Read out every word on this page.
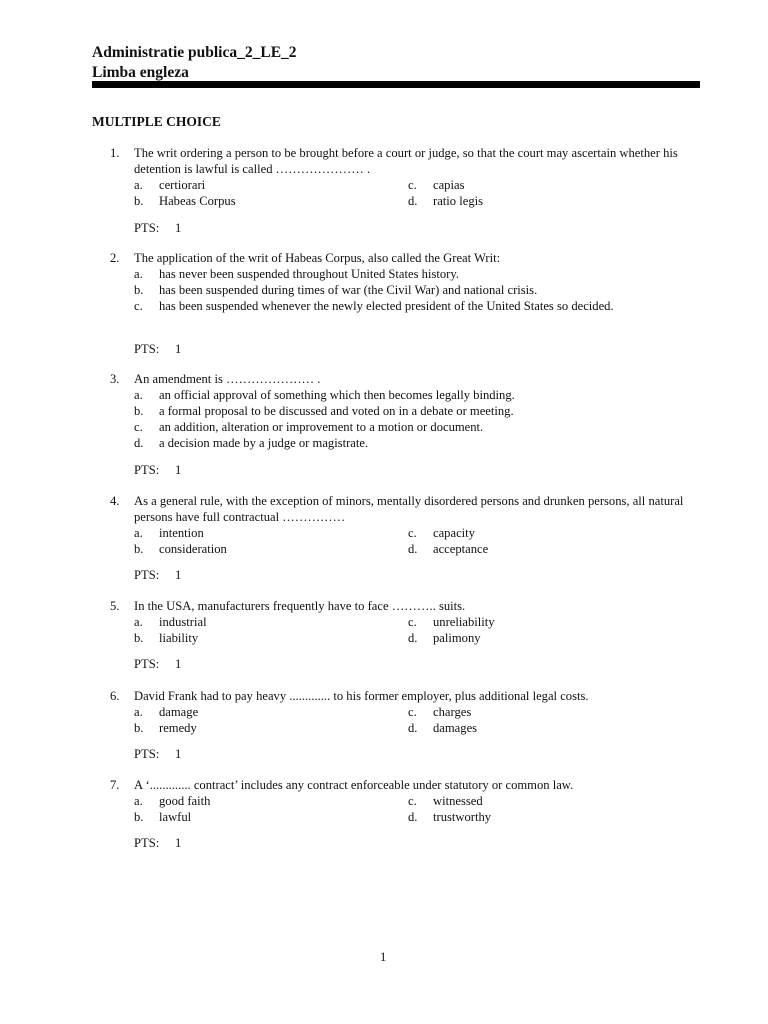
Administratie publica_2_LE_2
Limba engleza
MULTIPLE CHOICE
1. The writ ordering a person to be brought before a court or judge, so that the court may ascertain whether his detention is lawful is called ………………… .
a. certiorari
b. Habeas Corpus
c. capias
d. ratio legis
PTS: 1
2. The application of the writ of Habeas Corpus, also called the Great Writ:
a. has never been suspended throughout United States history.
b. has been suspended during times of war (the Civil War) and national crisis.
c. has been suspended whenever the newly elected president of the United States so decided.
PTS: 1
3. An amendment is ………………… .
a. an official approval of something which then becomes legally binding.
b. a formal proposal to be discussed and voted on in a debate or meeting.
c. an addition, alteration or improvement to a motion or document.
d. a decision made by a judge or magistrate.
PTS: 1
4. As a general rule, with the exception of minors, mentally disordered persons and drunken persons, all natural persons have full contractual ……………
a. intention
b. consideration
c. capacity
d. acceptance
PTS: 1
5. In the USA, manufacturers frequently have to face ……….. suits.
a. industrial
b. liability
c. unreliability
d. palimony
PTS: 1
6. David Frank had to pay heavy ............. to his former employer, plus additional legal costs.
a. damage
b. remedy
c. charges
d. damages
PTS: 1
7. A ‘............. contract’ includes any contract enforceable under statutory or common law.
a. good faith
b. lawful
c. witnessed
d. trustworthy
PTS: 1
1
